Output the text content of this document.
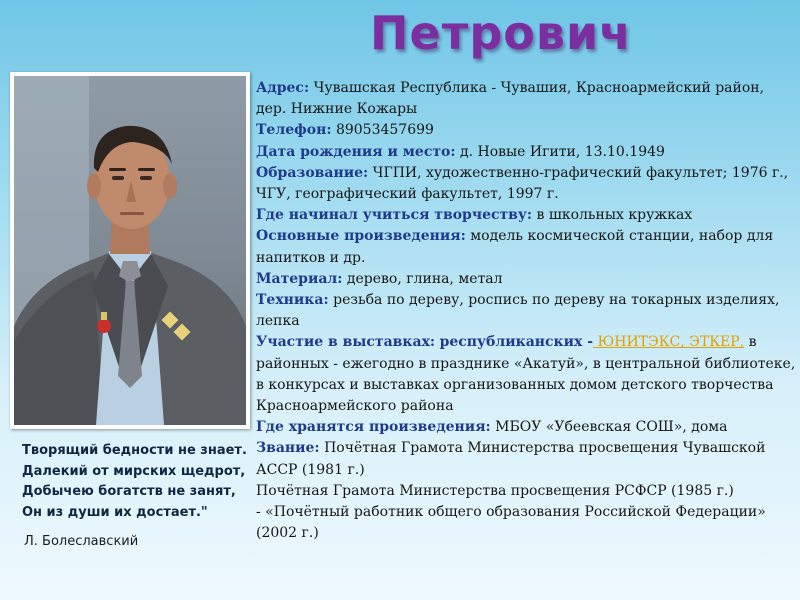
Петрович

Адрес: Чувашская Республика - Чувашия, Красноармейский район, дер. Нижние Кожары

Телефон: 89053457699

Дата рождения и место: д. Новые Игити, 13.10.1949

Образование: ЧГПИ, художественно-графический факультет; 1976 г., ЧГУ, географический факультет, 1997 г.

Где начинал учиться творчеству: в школьных кружках

Основные произведения: модель космической станции, набор для напитков и др.

Материал: дерево, глина, метал

Техника: резьба по дереву, роспись по дереву на токарных изделиях, лепка

Участие в выставках: республиканских - ЮНИТЭКС, ЭТКЕР, в районных - ежегодно в празднике «Акатуй», в центральной библиотеке, в конкурсах и выставках организованных домом детского творчества Красноармейского района

Где хранятся произведения: МБОУ «Убеевская СОШ», дома

Звание: Почётная Грамота Министерства просвещения Чувашской АССР (1981 г.)

Почётная Грамота Министерства просвещения РСФСР (1985 г.)

- «Почётный работник общего образования Российской Федерации» (2002 г.)

Творящий бедности не знает.
Далекий от мирских щедрот,
Добычею богатств не занят,
Он из души их достает."
Л. Болеславский
